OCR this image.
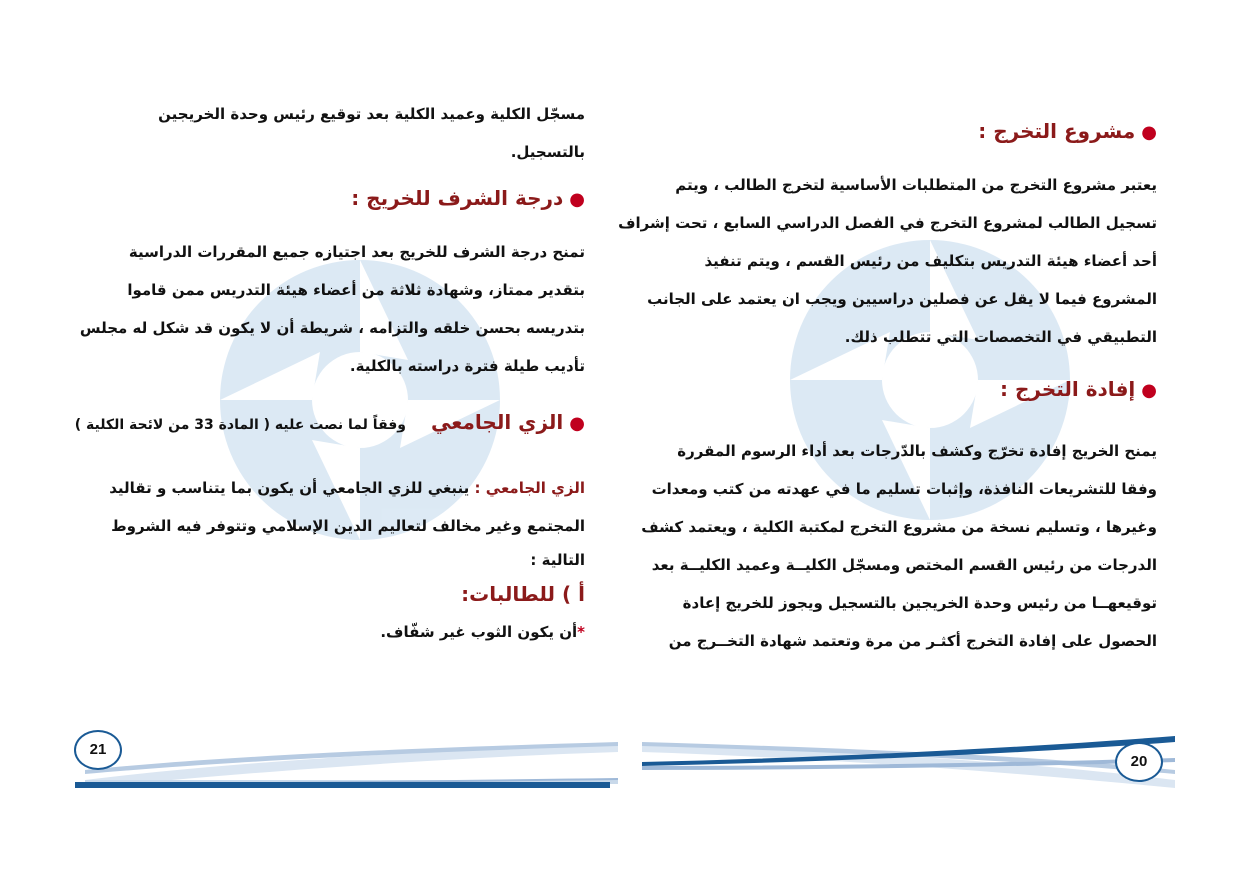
مسجّل الكلية وعميد الكلية بعد توقيع رئيس وحدة الخريجين
بالتسجيل.
●درجة الشرف للخريج :
تمنح درجة الشرف للخريج بعد اجتيازه جميع المقررات الدراسية
بتقدير ممتاز، وشهادة ثلاثة من أعضاء هيئة التدريس ممن قاموا
بتدريسه بحسن خلقه والتزامه ، شريطة أن لا يكون قد شكل له مجلس
تأديب طيلة فترة دراسته بالكلية.
●الزي الجامعي وفقاً لما نصت عليه ( المادة 33 من لائحة الكلية )
الزي الجامعي : ينبغي للزي الجامعي أن يكون بما يتناسب و تقاليد
المجتمع وغير مخالف لتعاليم الدين الإسلامي وتتوفر فيه الشروط
التالية :
أ ) للطالبات:
*أن يكون الثوب غير شفّاف.
21
●مشروع التخرج :
يعتبر مشروع التخرج من المتطلبات الأساسية لتخرج الطالب ، ويتم
تسجيل الطالب لمشروع التخرج في الفصل الدراسي السابع ، تحت إشراف
أحد أعضاء هيئة التدريس بتكليف من رئيس القسم ، ويتم تنفيذ
المشروع فيما لا يقل عن فصلين دراسيين ويجب ان يعتمد على الجانب
التطبيقي في التخصصات التي تتطلب ذلك.
●إفادة التخرج :
يمنح الخريج إفادة تخرّج وكشف بالدّرجات بعد أداء الرسوم المقررة
وفقا للتشريعات النافذة، وإثبات تسليم ما في عهدته من كتب ومعدات
وغيرها ، وتسليم نسخة من مشروع التخرج لمكتبة الكلية ، ويعتمد كشف
الدرجات من رئيس القسم المختص ومسجّل الكليــة وعميد الكليــة بعد
توقيعهــا من رئيس وحدة الخريجين بالتسجيل ويجوز للخريج إعادة
الحصول على إفادة التخرج أكثـر من مرة وتعتمد شهادة التخــرج من
20
